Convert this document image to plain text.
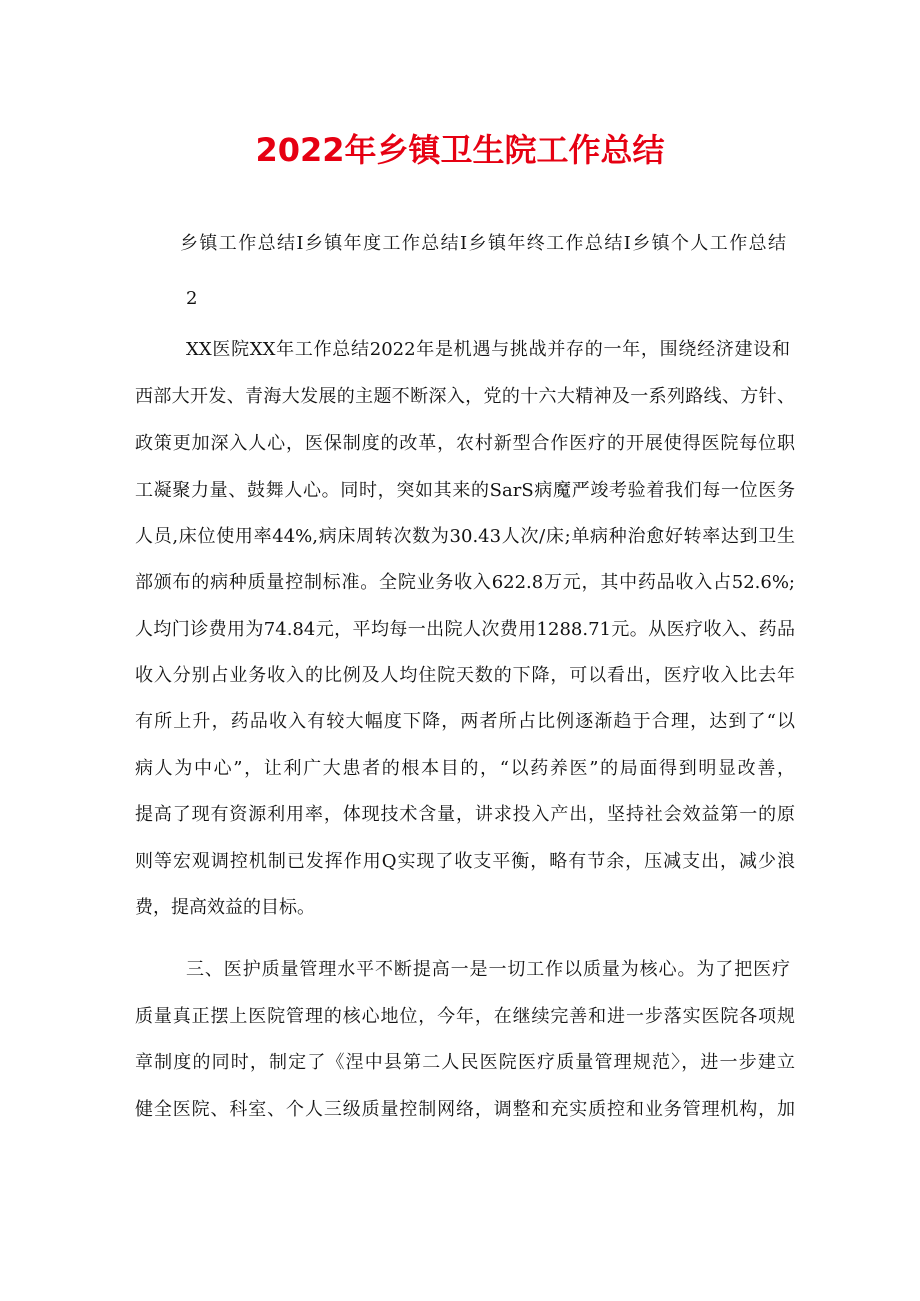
2022年乡镇卫生院工作总结
乡镇工作总结I乡镇年度工作总结I乡镇年终工作总结I乡镇个人工作总结
2
XX医院XX年工作总结2022年是机遇与挑战并存的一年，围绕经济建设和
西部大开发、青海大发展的主题不断深入，党的十六大精神及一系列路线、方针、
政策更加深入人心，医保制度的改革，农村新型合作医疗的开展使得医院每位职
工凝聚力量、鼓舞人心。同时，突如其来的SarS病魔严竣考验着我们每一位医务
人员,床位使用率44%,病床周转次数为30.43人次/床;单病种治愈好转率达到卫生
部颁布的病种质量控制标准。全院业务收入622.8万元，其中药品收入占52.6%;
人均门诊费用为74.84元，平均每一出院人次费用1288.71元。从医疗收入、药品
收入分别占业务收入的比例及人均住院天数的下降，可以看出，医疗收入比去年
有所上升，药品收入有较大幅度下降，两者所占比例逐渐趋于合理，达到了“以
病人为中心”，让利广大患者的根本目的，“以药养医”的局面得到明显改善，
提高了现有资源利用率，体现技术含量，讲求投入产出，坚持社会效益第一的原
则等宏观调控机制已发挥作用Q实现了收支平衡，略有节余，压减支出，减少浪
费，提高效益的目标。
三、医护质量管理水平不断提高一是一切工作以质量为核心。为了把医疗
质量真正摆上医院管理的核心地位，今年，在继续完善和进一步落实医院各项规
章制度的同时，制定了《涅中县第二人民医院医疗质量管理规范〉，进一步建立
健全医院、科室、个人三级质量控制网络，调整和充实质控和业务管理机构，加
